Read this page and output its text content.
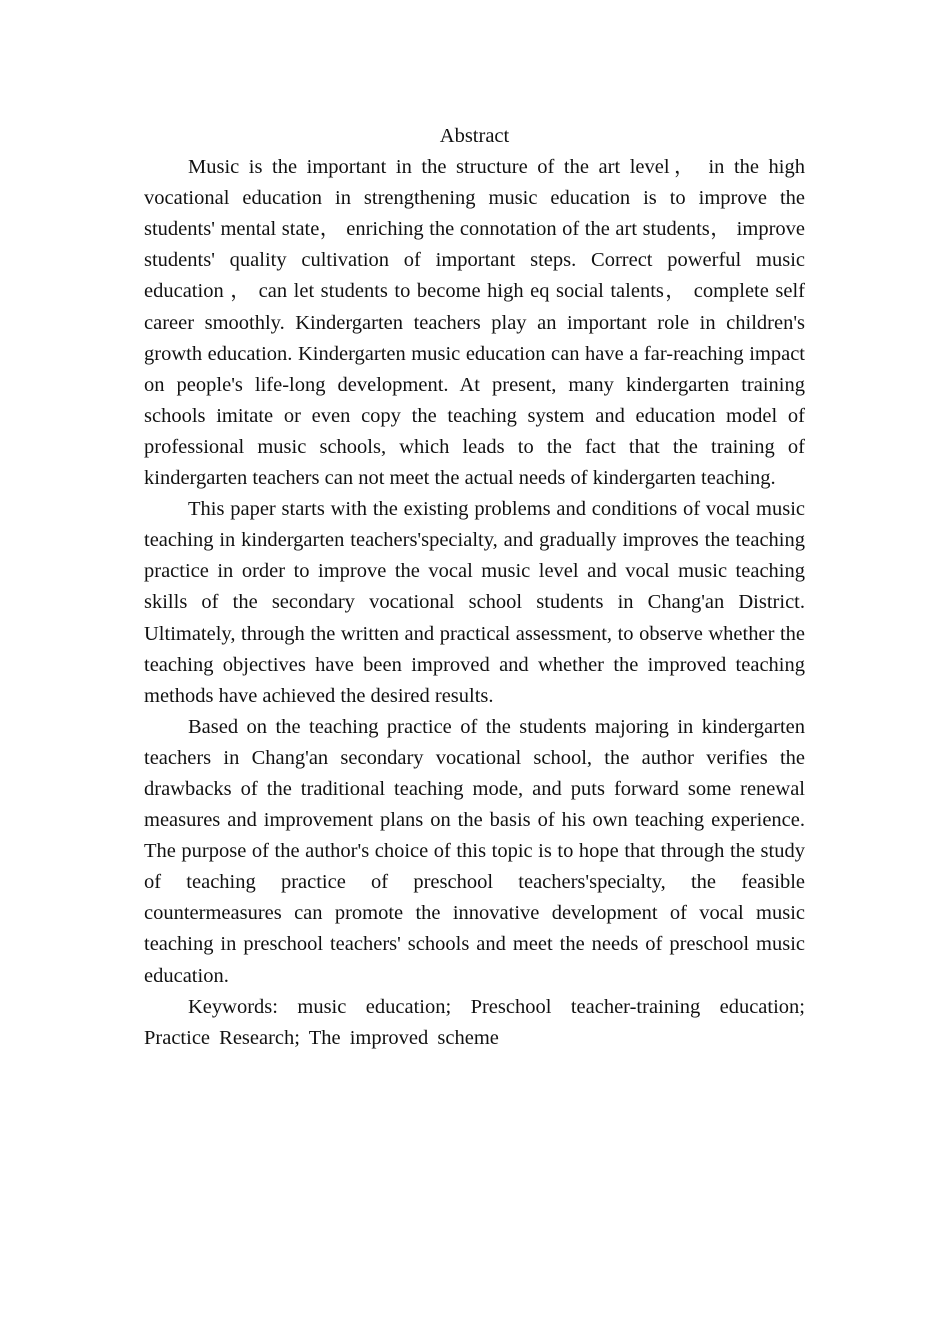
Abstract

Music is the important in the structure of the art level， in the high vocational education in strengthening music education is to improve the students' mental state， enriching the connotation of the art students， improve students' quality cultivation of important steps. Correct powerful music education ， can let students to become high eq social talents， complete self career smoothly. Kindergarten teachers play an important role in children's growth education. Kindergarten music education can have a far-reaching impact on people's life-long development. At present, many kindergarten training schools imitate or even copy the teaching system and education model of professional music schools, which leads to the fact that the training of kindergarten teachers can not meet the actual needs of kindergarten teaching.

This paper starts with the existing problems and conditions of vocal music teaching in kindergarten teachers'specialty, and gradually improves the teaching practice in order to improve the vocal music level and vocal music teaching skills of the secondary vocational school students in Chang'an District. Ultimately, through the written and practical assessment, to observe whether the teaching objectives have been improved and whether the improved teaching methods have achieved the desired results.

Based on the teaching practice of the students majoring in kindergarten teachers in Chang'an secondary vocational school, the author verifies the drawbacks of the traditional teaching mode, and puts forward some renewal measures and improvement plans on the basis of his own teaching experience. The purpose of the author's choice of this topic is to hope that through the study of teaching practice of preschool teachers'specialty, the feasible countermeasures can promote the innovative development of vocal music teaching in preschool teachers' schools and meet the needs of preschool music education.

Keywords: music education; Preschool teacher-training education; Practice Research; The improved scheme
